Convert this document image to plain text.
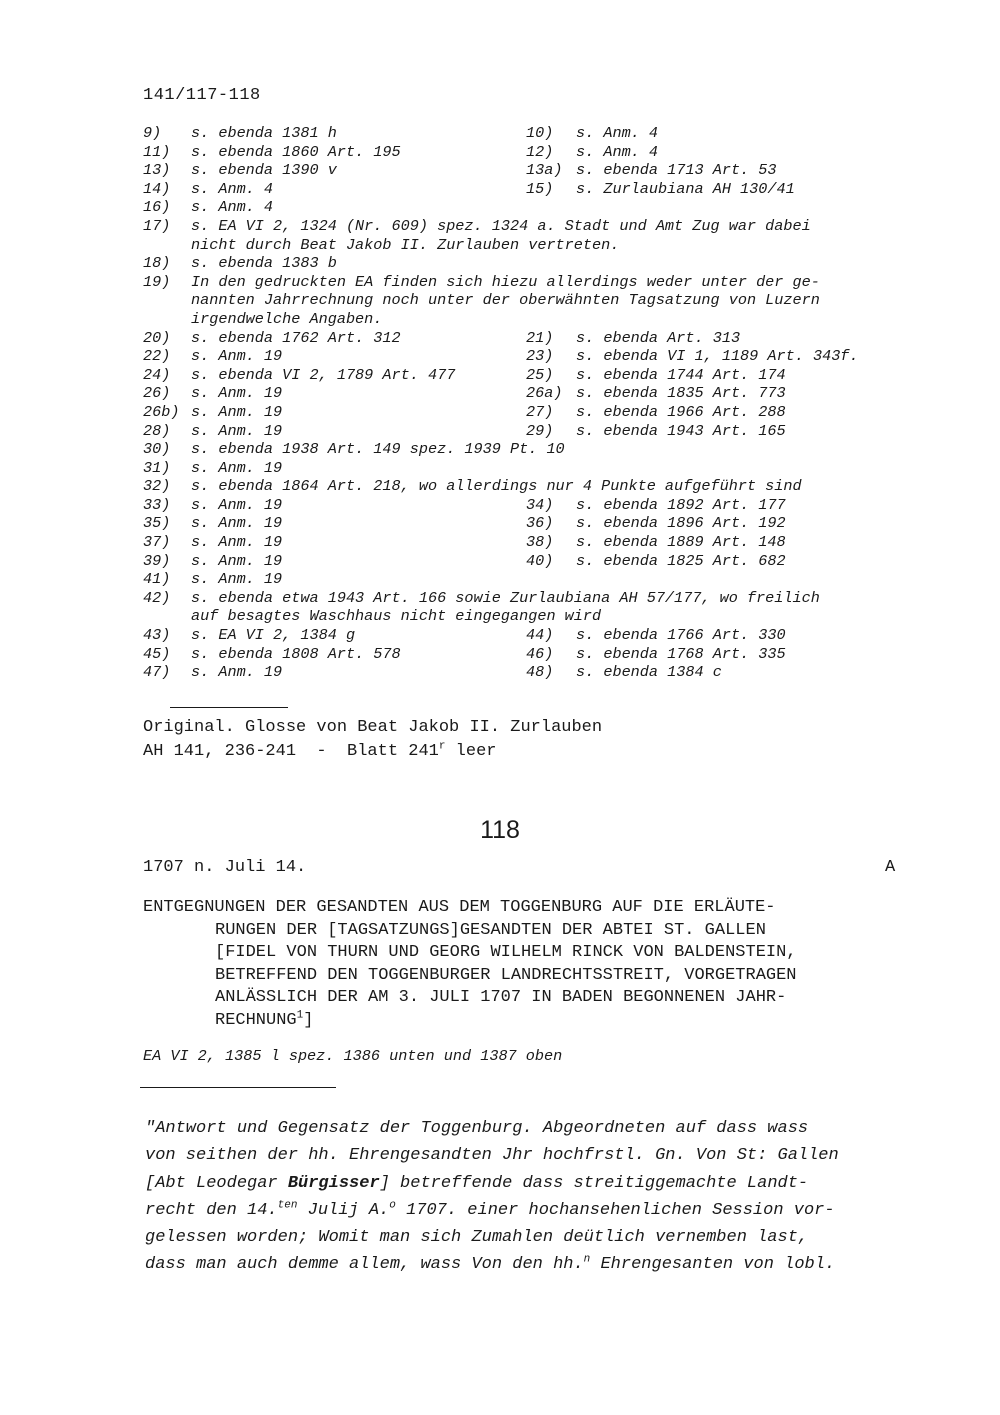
141/117-118
9) s. ebenda 1381 h	10) s. Anm. 4
11) s. ebenda 1860 Art. 195	12) s. Anm. 4
13) s. ebenda 1390 v	13a) s. ebenda 1713 Art. 53
14) s. Anm. 4	15) s. Zurlaubiana AH 130/41
16) s. Anm. 4
17) s. EA VI 2, 1324 (Nr. 609) spez. 1324 a. Stadt und Amt Zug war dabei
nicht durch Beat Jakob II. Zurlauben vertreten.
18) s. ebenda 1383 b
19) In den gedruckten EA finden sich hiezu allerdings weder unter der ge-
nannten Jahrrechnung noch unter der oberwähnten Tagsatzung von Luzern
irgendwelche Angaben.
20) s. ebenda 1762 Art. 312	21) s. ebenda Art. 313
22) s. Anm. 19	23) s. ebenda VI 1, 1189 Art. 343f.
24) s. ebenda VI 2, 1789 Art. 477	25) s. ebenda 1744 Art. 174
26) s. Anm. 19	26a) s. ebenda 1835 Art. 773
26b) s. Anm. 19	27) s. ebenda 1966 Art. 288
28) s. Anm. 19	29) s. ebenda 1943 Art. 165
30) s. ebenda 1938 Art. 149 spez. 1939 Pt. 10
31) s. Anm. 19
32) s. ebenda 1864 Art. 218, wo allerdings nur 4 Punkte aufgeführt sind
33) s. Anm. 19	34) s. ebenda 1892 Art. 177
35) s. Anm. 19	36) s. ebenda 1896 Art. 192
37) s. Anm. 19	38) s. ebenda 1889 Art. 148
39) s. Anm. 19	40) s. ebenda 1825 Art. 682
41) s. Anm. 19
42) s. ebenda etwa 1943 Art. 166 sowie Zurlaubiana AH 57/177, wo freilich
auf besagtes Waschhaus nicht eingegangen wird
43) s. EA VI 2, 1384 g	44) s. ebenda 1766 Art. 330
45) s. ebenda 1808 Art. 578	46) s. ebenda 1768 Art. 335
47) s. Anm. 19	48) s. ebenda 1384 c
Original. Glosse von Beat Jakob II. Zurlauben
AH 141, 236-241  -  Blatt 241$^r$ leer
118
1707 n. Juli 14.	A
ENTGEGNUNGEN DER GESANDTEN AUS DEM TOGGENBURG AUF DIE ERLÄUTE-
RUNGEN DER [TAGSATZUNGS]GESANDTEN DER ABTEI ST. GALLEN
[FIDEL VON THURN UND GEORG WILHELM RINCK VON BALDENSTEIN,
BETREFFEND DEN TOGGENBURGER LANDRECHTSSTREIT, VORGETRAGEN
ANLÄSSLICH DER AM 3. JULI 1707 IN BADEN BEGONNENEN JAHR-
RECHNUNG$^1$]
EA VI 2, 1385 l spez. 1386 unten und 1387 oben
"Antwort und Gegensatz der Toggenburg. Abgeordneten auf dass wass
von seithen der hh. Ehrengesandten Jhr hochfrstl. Gn. Von St: Gallen
[Abt Leodegar Bürgisser] betreffende dass streitiggemachte Landt-
recht den 14.$^{ten}$ Julij A.$^o$ 1707. einer hochansehenlichen Session vor-
gelessen worden; Womit man sich Zumahlen deütlich vernemben last,
dass man auch demme allem, wass Von den hh.$^n$ Ehrengesanten von lobl.
